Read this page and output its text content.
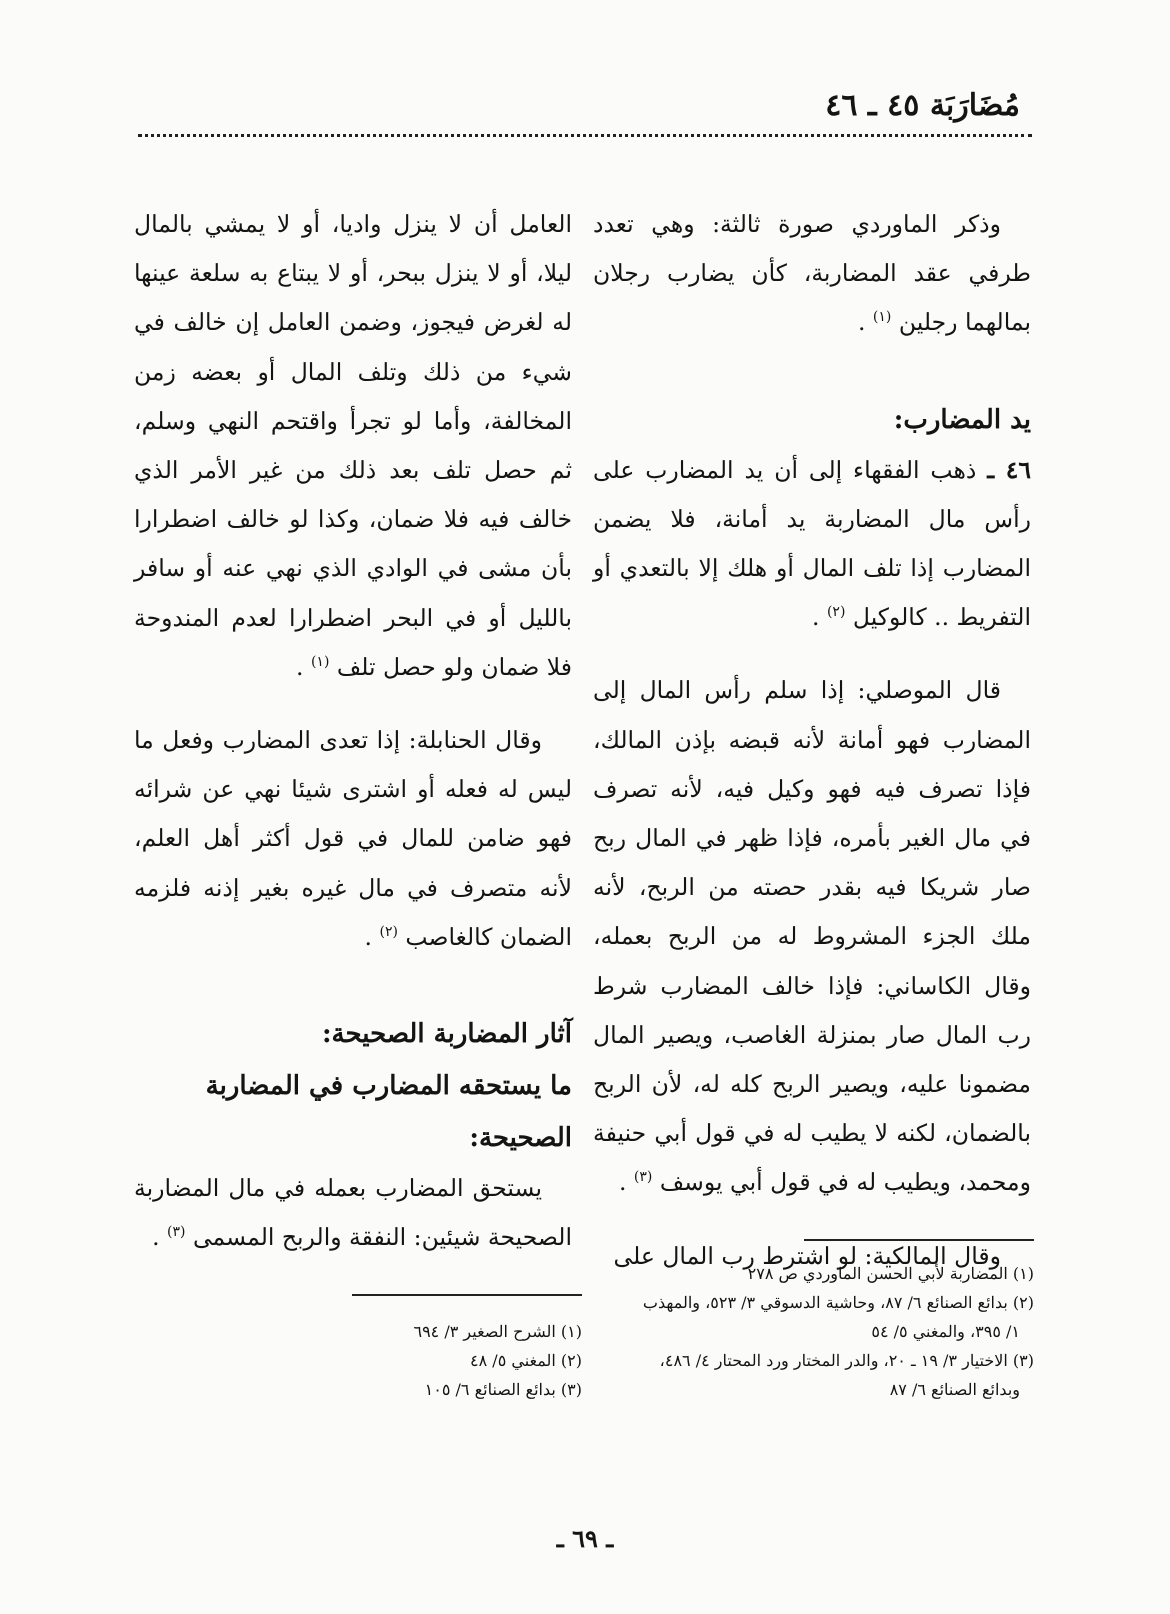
مُضَارَبَة ٤٥ ـ ٤٦

وذكر الماوردي صورة ثالثة: وهي تعدد طرفي عقد المضاربة، كأن يضارب رجلان بمالهما رجلين $^{(١)}$ .

يد المضارب:

٤٦ ـ ذهب الفقهاء إلى أن يد المضارب على رأس مال المضاربة يد أمانة، فلا يضمن المضارب إذا تلف المال أو هلك إلا بالتعدي أو التفريط .. كالوكيل $^{(٢)}$ .

قال الموصلي: إذا سلم رأس المال إلى المضارب فهو أمانة لأنه قبضه بإذن المالك، فإذا تصرف فيه فهو وكيل فيه، لأنه تصرف في مال الغير بأمره، فإذا ظهر في المال ربح صار شريكا فيه بقدر حصته من الربح، لأنه ملك الجزء المشروط له من الربح بعمله، وقال الكاساني: فإذا خالف المضارب شرط رب المال صار بمنزلة الغاصب، ويصير المال مضمونا عليه، ويصير الربح كله له، لأن الربح بالضمان، لكنه لا يطيب له في قول أبي حنيفة ومحمد، ويطيب له في قول أبي يوسف $^{(٣)}$ .

وقال المالكية: لو اشترط رب المال على

العامل أن لا ينزل واديا، أو لا يمشي بالمال ليلا، أو لا ينزل ببحر، أو لا يبتاع به سلعة عينها له لغرض فيجوز، وضمن العامل إن خالف في شيء من ذلك وتلف المال أو بعضه زمن المخالفة، وأما لو تجرأ واقتحم النهي وسلم، ثم حصل تلف بعد ذلك من غير الأمر الذي خالف فيه فلا ضمان، وكذا لو خالف اضطرارا بأن مشى في الوادي الذي نهي عنه أو سافر بالليل أو في البحر اضطرارا لعدم المندوحة فلا ضمان ولو حصل تلف $^{(١)}$ .

وقال الحنابلة: إذا تعدى المضارب وفعل ما ليس له فعله أو اشترى شيئا نهي عن شرائه فهو ضامن للمال في قول أكثر أهل العلم، لأنه متصرف في مال غيره بغير إذنه فلزمه الضمان كالغاصب $^{(٢)}$ .

آثار المضاربة الصحيحة:
ما يستحقه المضارب في المضاربة الصحيحة:

يستحق المضارب بعمله في مال المضاربة الصحيحة شيئين: النفقة والربح المسمى $^{(٣)}$ .

(١) المضاربة لأبي الحسن الماوردي ص ٢٧٨
(٢) بدائع الصنائع ٦/ ٨٧، وحاشية الدسوقي ٣/ ٥٢٣، والمهذب
١/ ٣٩٥، والمغني ٥/ ٥٤
(٣) الاختيار ٣/ ١٩ ـ ٢٠، والدر المختار ورد المحتار ٤/ ٤٨٦،
وبدائع الصنائع ٦/ ٨٧
(١) الشرح الصغير ٣/ ٦٩٤
(٢) المغني ٥/ ٤٨
(٣) بدائع الصنائع ٦/ ١٠٥
ـ ٦٩ ـ
